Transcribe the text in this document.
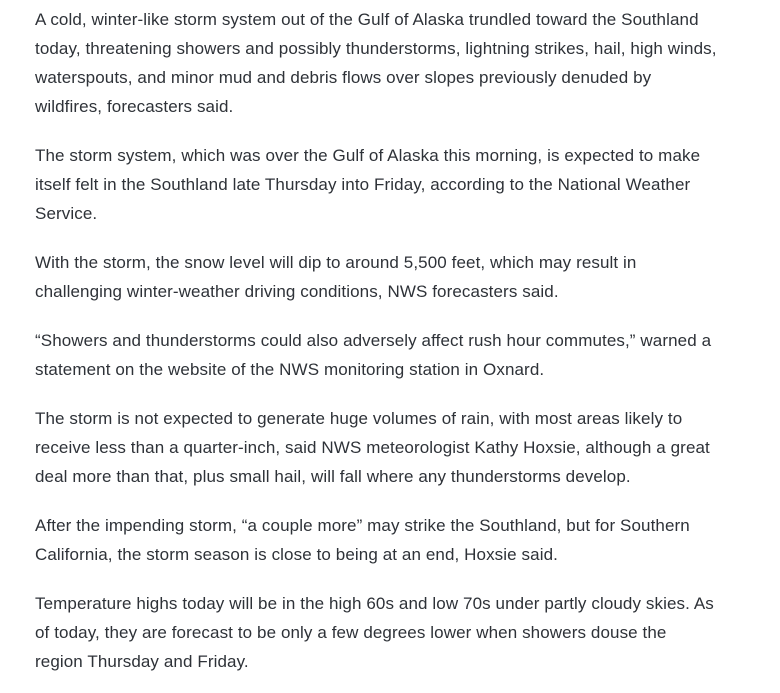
A cold, winter-like storm system out of the Gulf of Alaska trundled toward the Southland today, threatening showers and possibly thunderstorms, lightning strikes, hail, high winds, waterspouts, and minor mud and debris flows over slopes previously denuded by wildfires, forecasters said.

The storm system, which was over the Gulf of Alaska this morning, is expected to make itself felt in the Southland late Thursday into Friday, according to the National Weather Service.

With the storm, the snow level will dip to around 5,500 feet, which may result in challenging winter-weather driving conditions, NWS forecasters said.

“Showers and thunderstorms could also adversely affect rush hour commutes,” warned a statement on the website of the NWS monitoring station in Oxnard.

The storm is not expected to generate huge volumes of rain, with most areas likely to receive less than a quarter-inch, said NWS meteorologist Kathy Hoxsie, although a great deal more than that, plus small hail, will fall where any thunderstorms develop.

After the impending storm, “a couple more” may strike the Southland, but for Southern California, the storm season is close to being at an end, Hoxsie said.

Temperature highs today will be in the high 60s and low 70s under partly cloudy skies. As of today, they are forecast to be only a few degrees lower when showers douse the region Thursday and Friday.
